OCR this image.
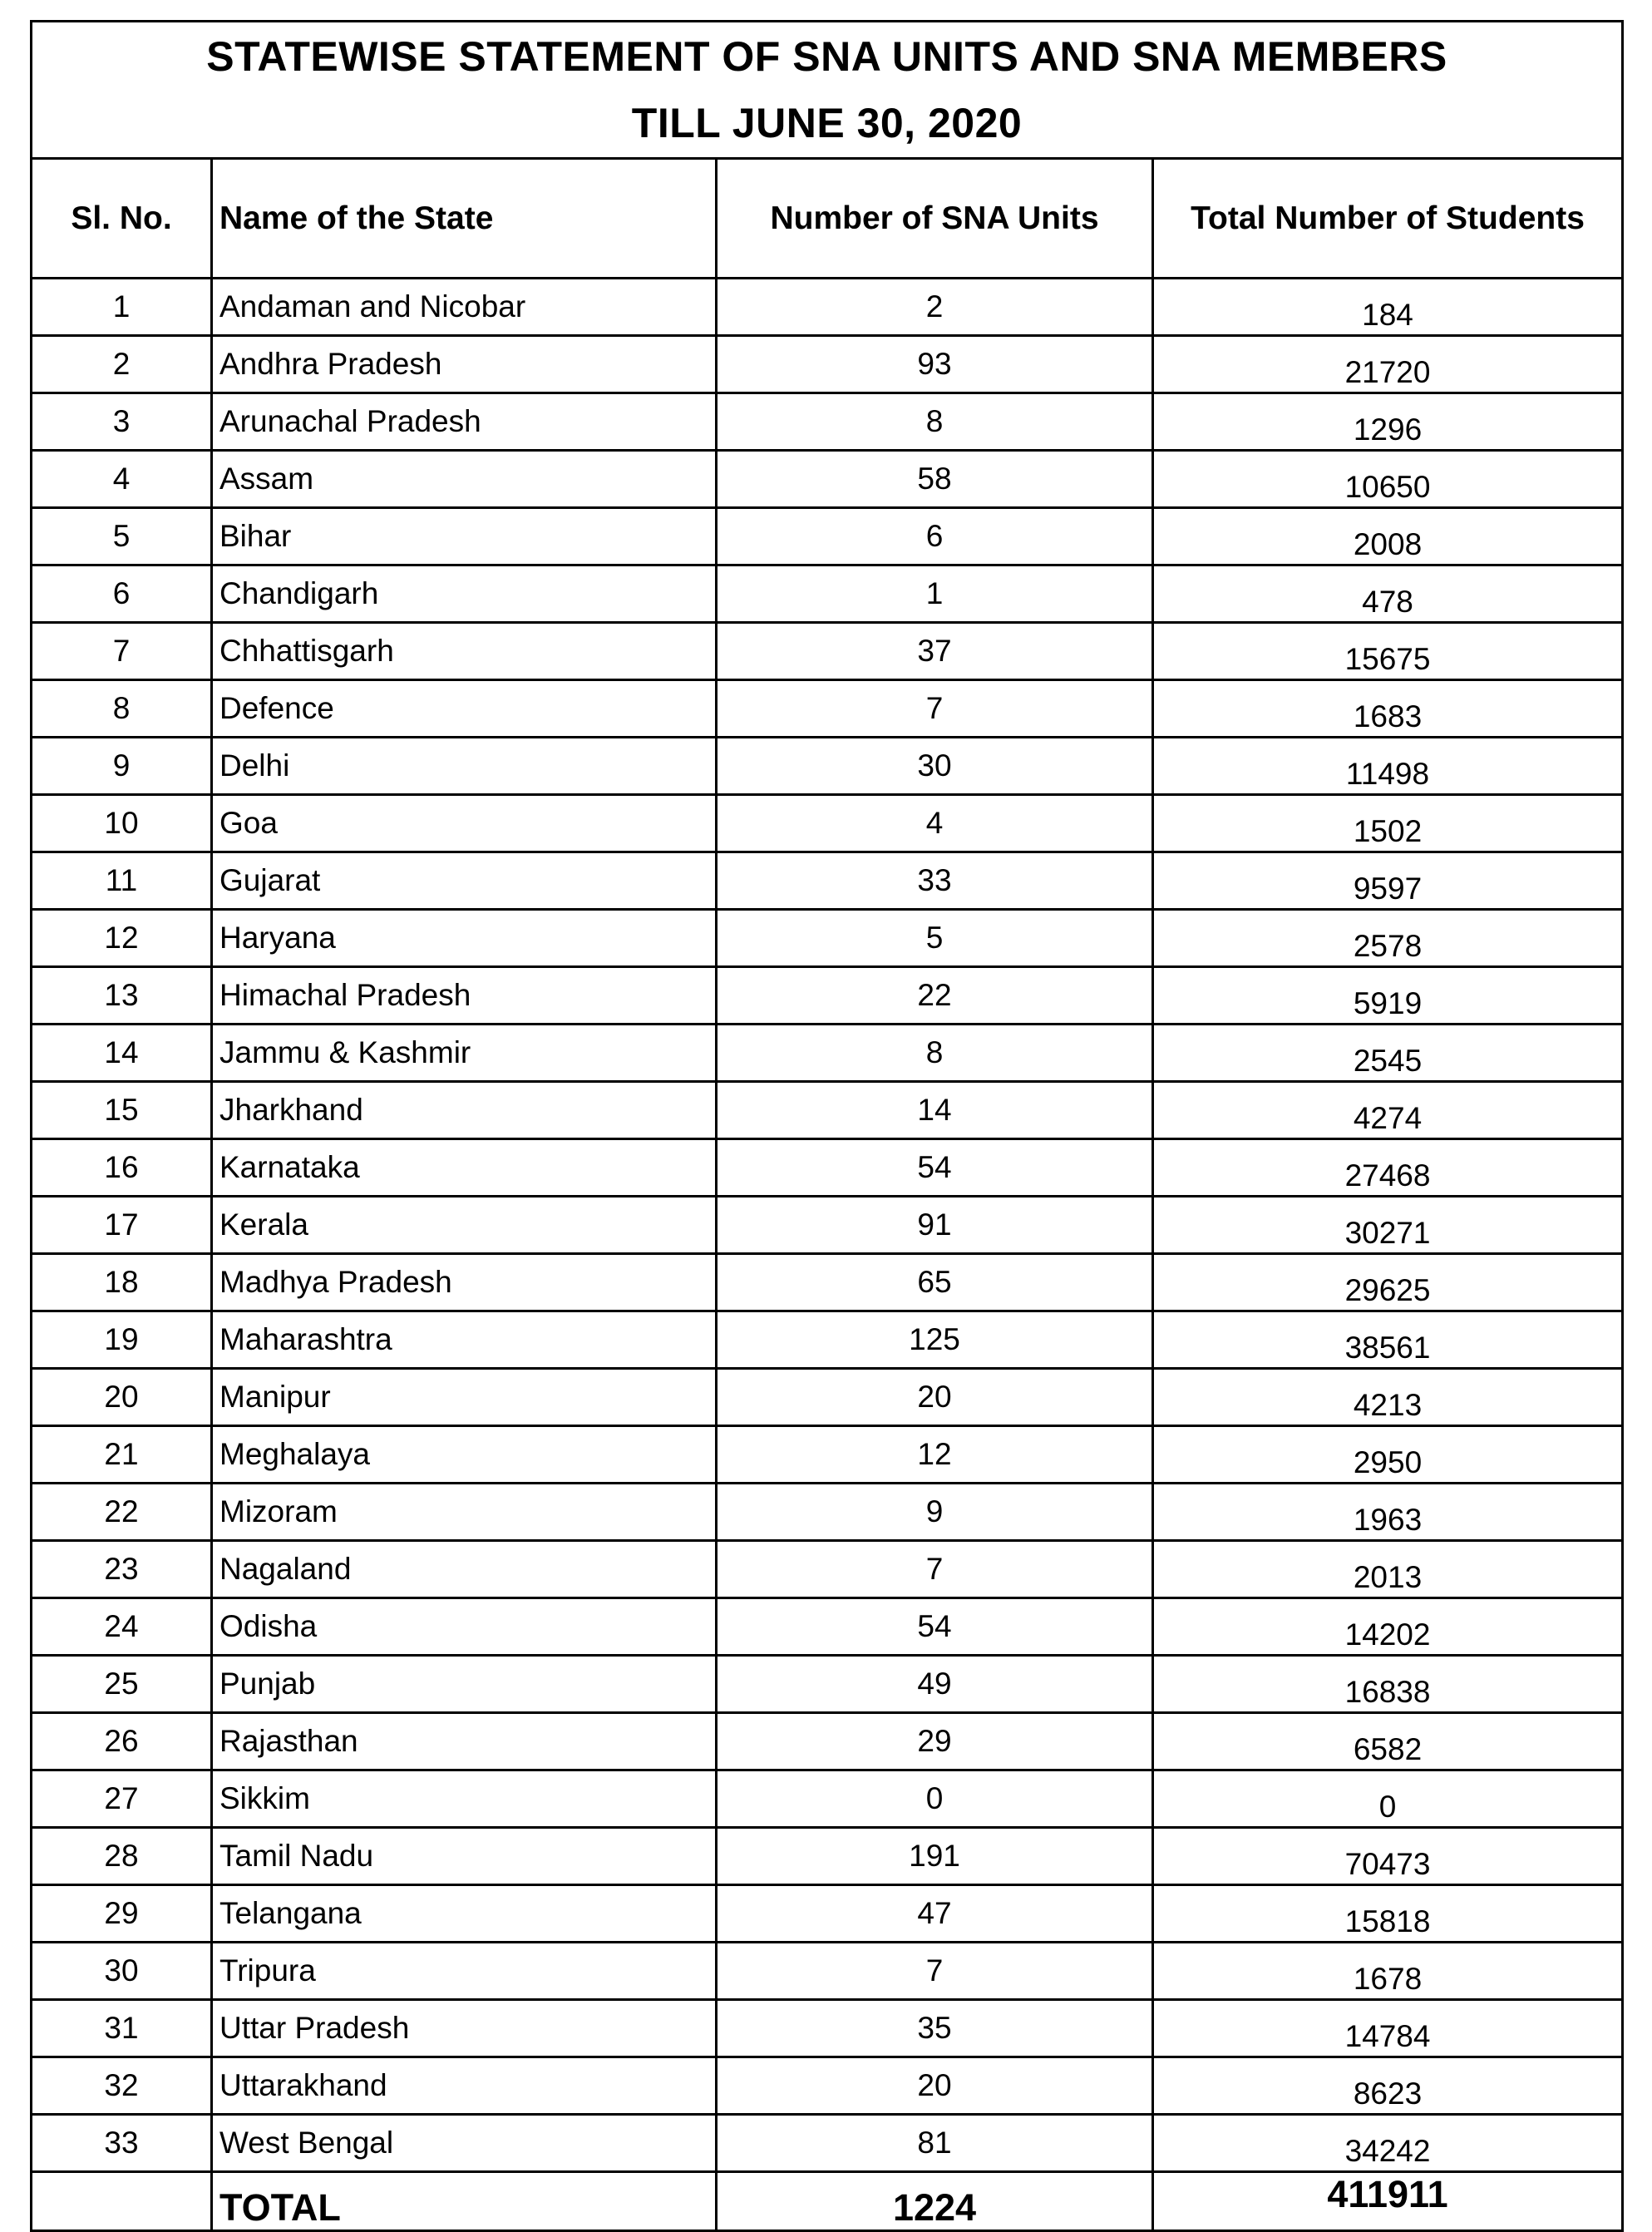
STATEWISE STATEMENT OF SNA UNITS AND SNA MEMBERS
TILL JUNE 30, 2020			

Sl. No.	Name of the State	Number of SNA Units	Total Number of Students
1	Andaman and Nicobar	2	184
2	Andhra Pradesh	93	21720
3	Arunachal Pradesh	8	1296
4	Assam	58	10650
5	Bihar	6	2008
6	Chandigarh	1	478
7	Chhattisgarh	37	15675
8	Defence	7	1683
9	Delhi	30	11498
10	Goa	4	1502
11	Gujarat	33	9597
12	Haryana	5	2578
13	Himachal Pradesh	22	5919
14	Jammu & Kashmir	8	2545
15	Jharkhand	14	4274
16	Karnataka	54	27468
17	Kerala	91	30271
18	Madhya Pradesh	65	29625
19	Maharashtra	125	38561
20	Manipur	20	4213
21	Meghalaya	12	2950
22	Mizoram	9	1963
23	Nagaland	7	2013
24	Odisha	54	14202
25	Punjab	49	16838
26	Rajasthan	29	6582
27	Sikkim	0	0
28	Tamil Nadu	191	70473
29	Telangana	47	15818
30	Tripura	7	1678
31	Uttar Pradesh	35	14784
32	Uttarakhand	20	8623
33	West Bengal	81	34242
	TOTAL	1224	411911
